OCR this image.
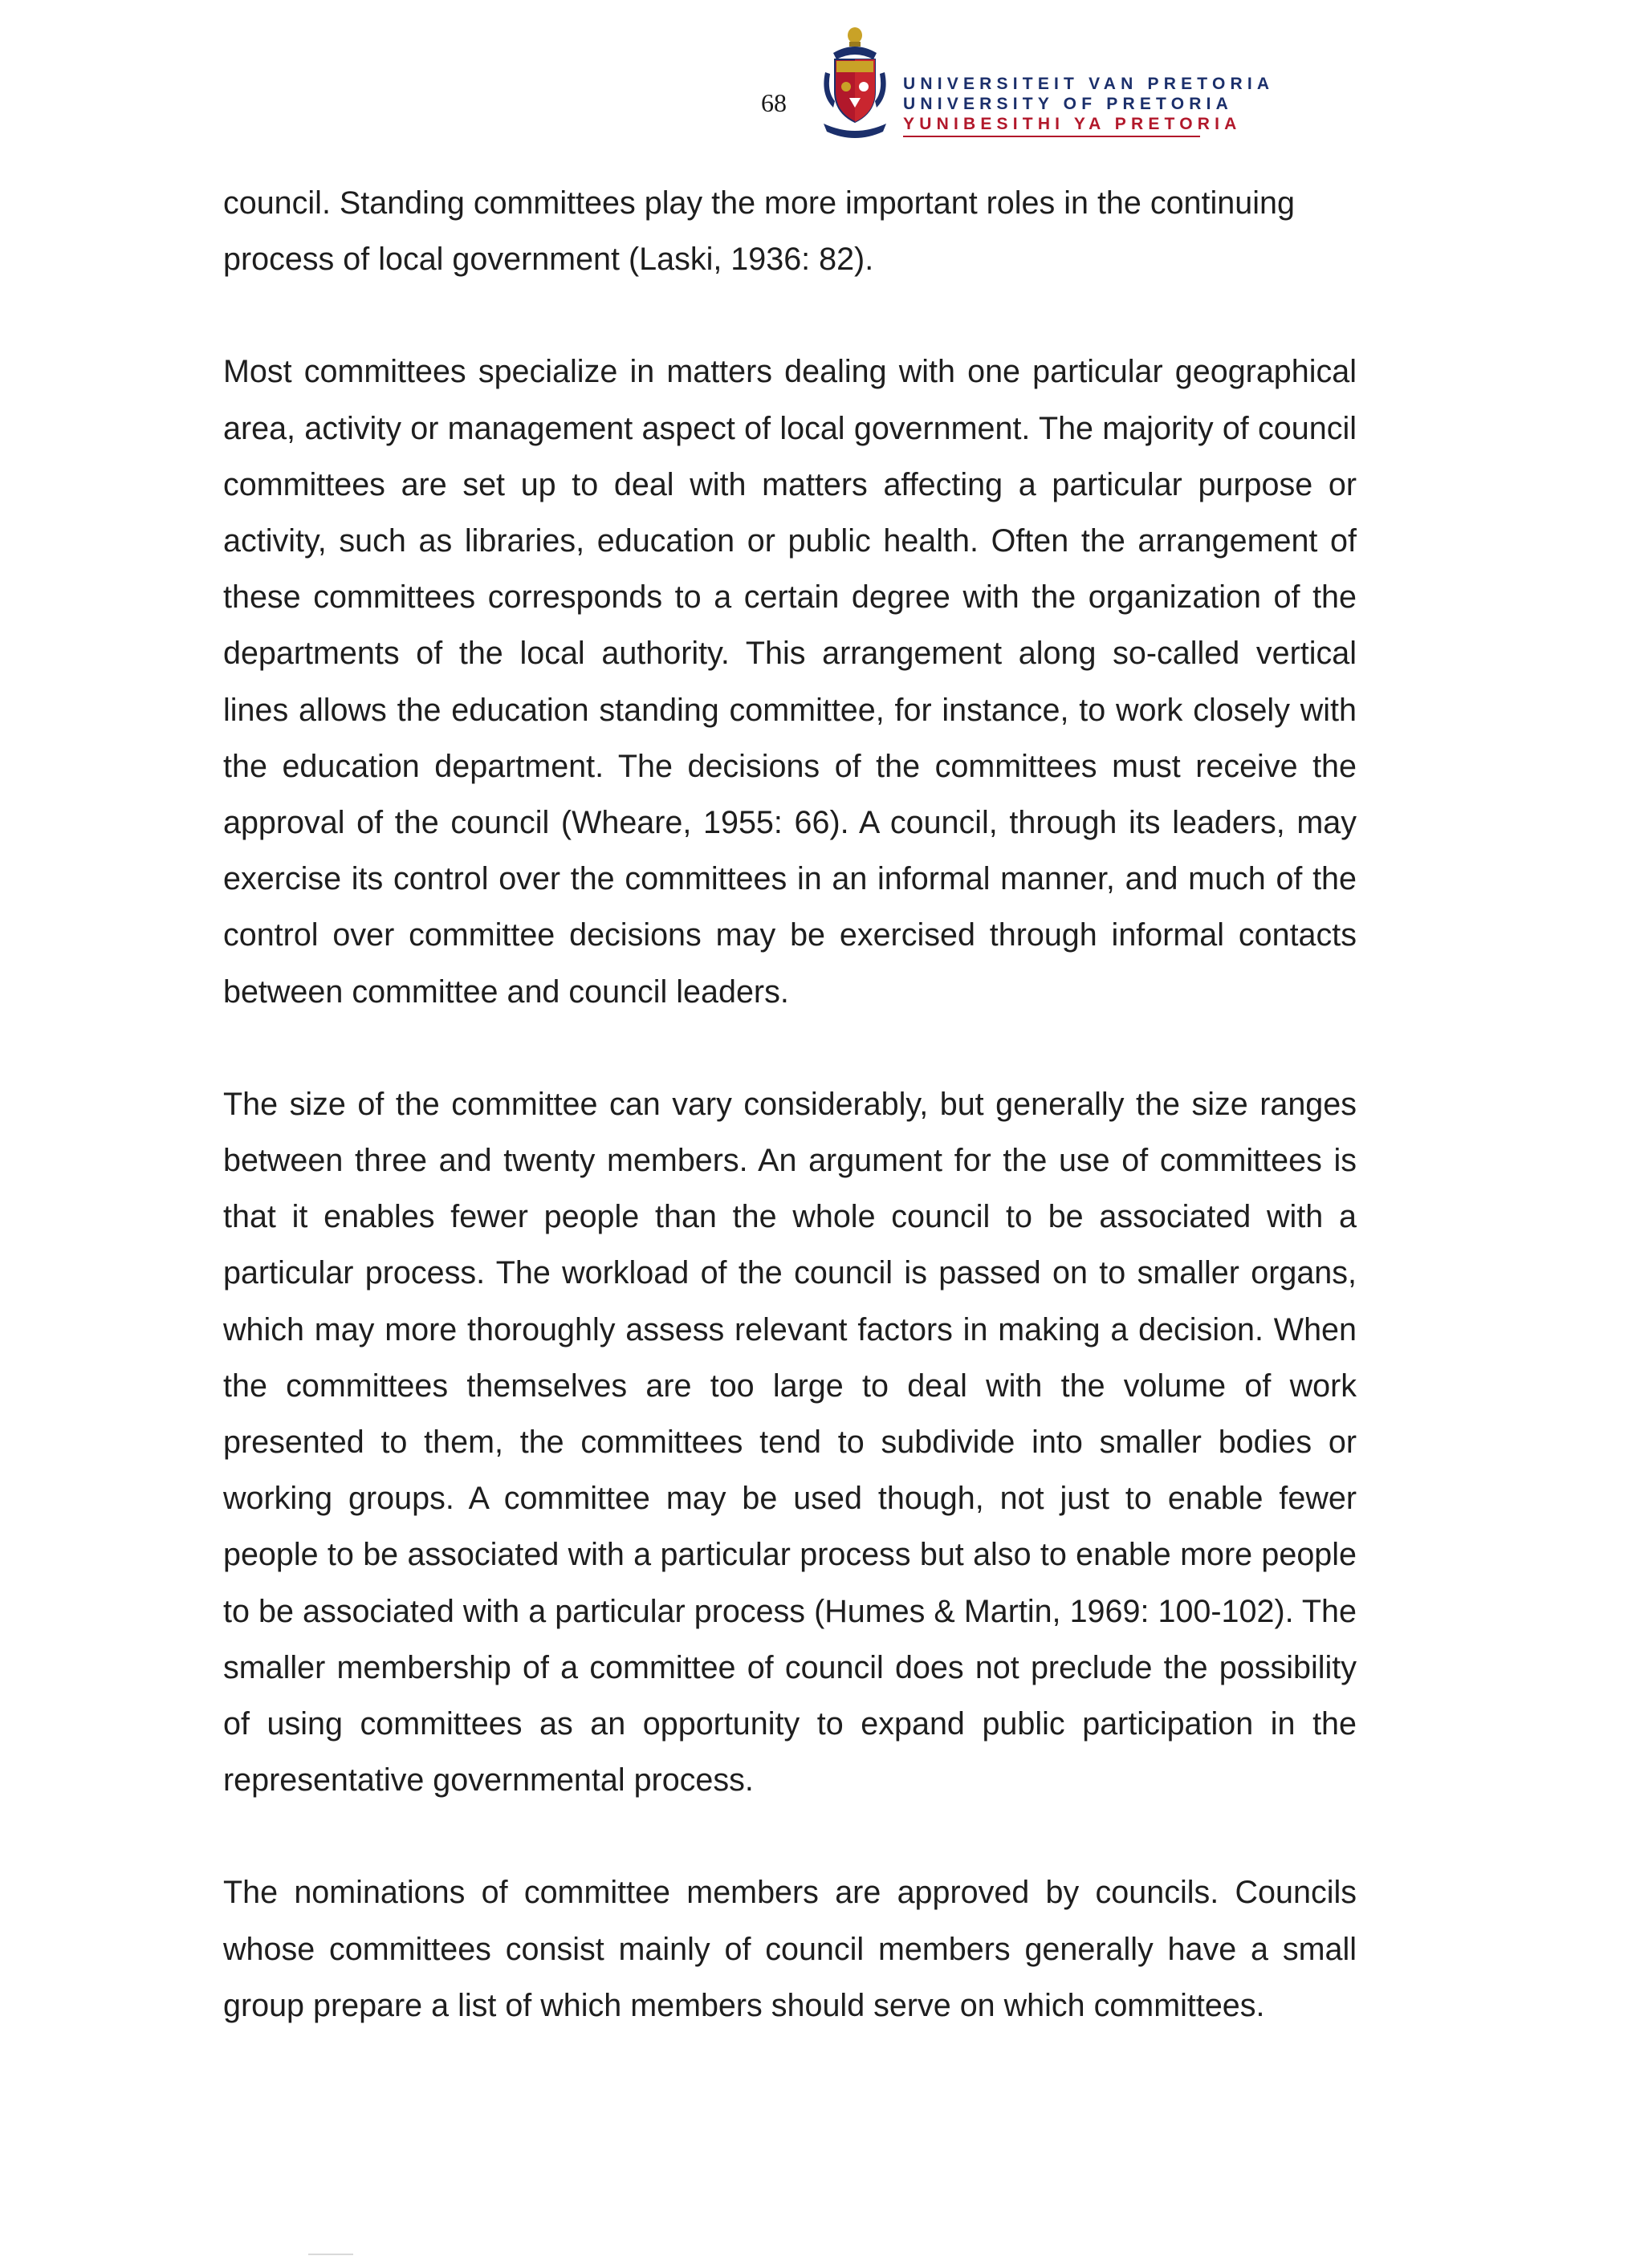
68
UNIVERSITEIT VAN PRETORIA
UNIVERSITY OF PRETORIA
YUNIBESITHI YA PRETORIA

council. Standing committees play the more important roles in the continuing process of local government (Laski, 1936: 82).

Most committees specialize in matters dealing with one particular geographical area, activity or management aspect of local government. The majority of council committees are set up to deal with matters affecting a particular purpose or activity, such as libraries, education or public health. Often the arrangement of these committees corresponds to a certain degree with the organization of the departments of the local authority. This arrangement along so-called vertical lines allows the education standing committee, for instance, to work closely with the education department. The decisions of the committees must receive the approval of the council (Wheare, 1955: 66). A council, through its leaders, may exercise its control over the committees in an informal manner, and much of the control over committee decisions may be exercised through informal contacts between committee and council leaders.

The size of the committee can vary considerably, but generally the size ranges between three and twenty members. An argument for the use of committees is that it enables fewer people than the whole council to be associated with a particular process. The workload of the council is passed on to smaller organs, which may more thoroughly assess relevant factors in making a decision. When the committees themselves are too large to deal with the volume of work presented to them, the committees tend to subdivide into smaller bodies or working groups. A committee may be used though, not just to enable fewer people to be associated with a particular process but also to enable more people to be associated with a particular process (Humes & Martin, 1969: 100-102). The smaller membership of a committee of council does not preclude the possibility of using committees as an opportunity to expand public participation in the representative governmental process.

The nominations of committee members are approved by councils. Councils whose committees consist mainly of council members generally have a small group prepare a list of which members should serve on which committees.
